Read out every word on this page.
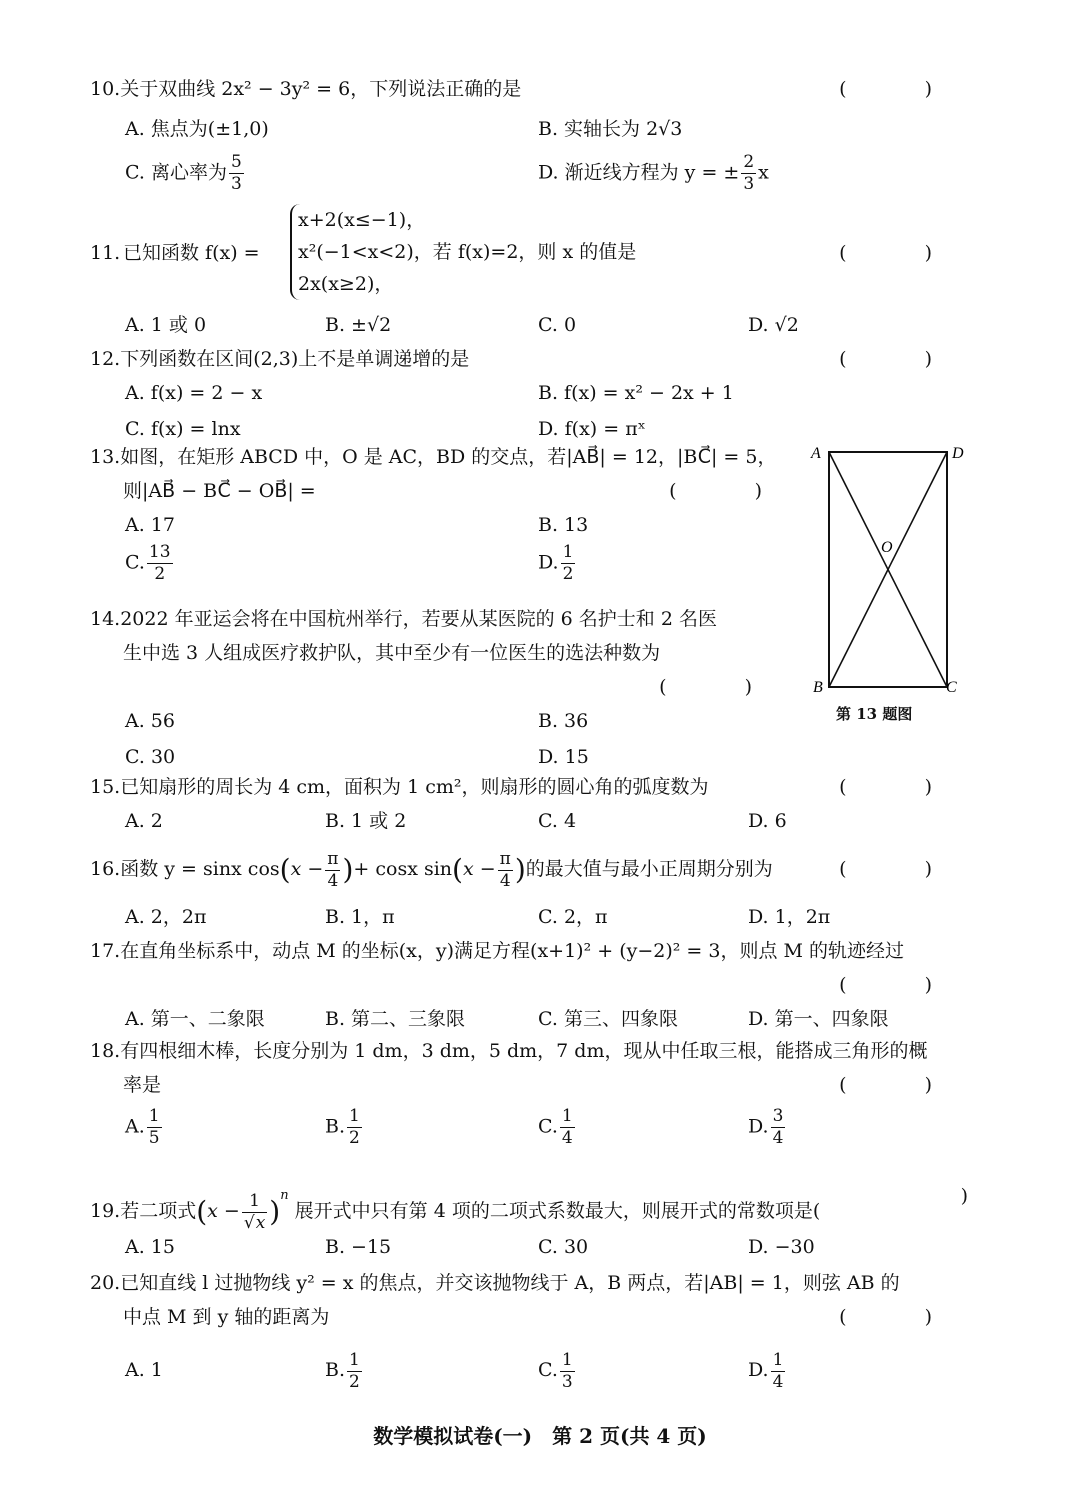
10.关于双曲线 2x² − 3y² = 6，下列说法正确的是	( )
A. 焦点为(±1,0)	B. 实轴长为 2√3
C. 离心率为 $\frac{5}{3}$	D. 渐近线方程为 y = ± $\frac{2}{3}$ x
11. 已知函数 f(x) =
x+2(x≤−1)，
x²(−1<x<2)，若 f(x)=2，则 x 的值是
2x(x≥2)，
( )
A. 1 或 0	B. ±√2	C. 0	D. √2
12.下列函数在区间(2,3)上不是单调递增的是	( )
A. f(x) = 2 − x	B. f(x) = x² − 2x + 1
C. f(x) = lnx	D. f(x) = πˣ
13.如图，在矩形 ABCD 中，O 是 AC，BD 的交点，若|AB⃗| = 12，|BC⃗| = 5，
则|AB⃗ − BC⃗ − OB⃗| =	( )
A. 17	B. 13
C. $\frac{13}{2}$	D. $\frac{1}{2}$
A	D
O
B	C
第 13 题图
14.2022 年亚运会将在中国杭州举行，若要从某医院的 6 名护士和 2 名医
生中选 3 人组成医疗救护队，其中至少有一位医生的选法种数为
( )
A. 56	B. 36
C. 30	D. 15
15.已知扇形的周长为 4 cm，面积为 1 cm²，则扇形的圆心角的弧度数为	( )
A. 2	B. 1 或 2	C. 4	D. 6
16.函数 y = sinx $\cos(x - \frac{\pi}{4}$ )+ cosx $\sin(x - \frac{\pi}{4}$ )的最大值与最小正周期分别为	( )
A. 2，2π	B. 1，π	C. 2，π	D. 1，2π
17.在直角坐标系中，动点 M 的坐标(x，y)满足方程(x+1)² + (y−2)² = 3，则点 M 的轨迹经过
( )
A. 第一、二象限	B. 第二、三象限	C. 第三、四象限	D. 第一、四象限
18.有四根细木棒，长度分别为 1 dm，3 dm，5 dm，7 dm，现从中任取三根，能搭成三角形的概
率是	( )
A. $\frac{1}{5}$	B. $\frac{1}{2}$	C. $\frac{1}{4}$	D. $\frac{3}{4}$
19.若二项式$(x - \frac{1}{√x} )^n$ 展开式中只有第 4 项的二项式系数最大，则展开式的常数项是(
)
A. 15	B. −15	C. 30	D. −30
20.已知直线 l 过抛物线 y² = x 的焦点，并交该抛物线于 A，B 两点，若|AB| = 1，则弦 AB 的
中点 M 到 y 轴的距离为	( )
A. 1	B. $\frac{1}{2}$	C. $\frac{1}{3}$	D. $\frac{1}{4}$
数学模拟试卷(一)　第 2 页(共 4 页)
